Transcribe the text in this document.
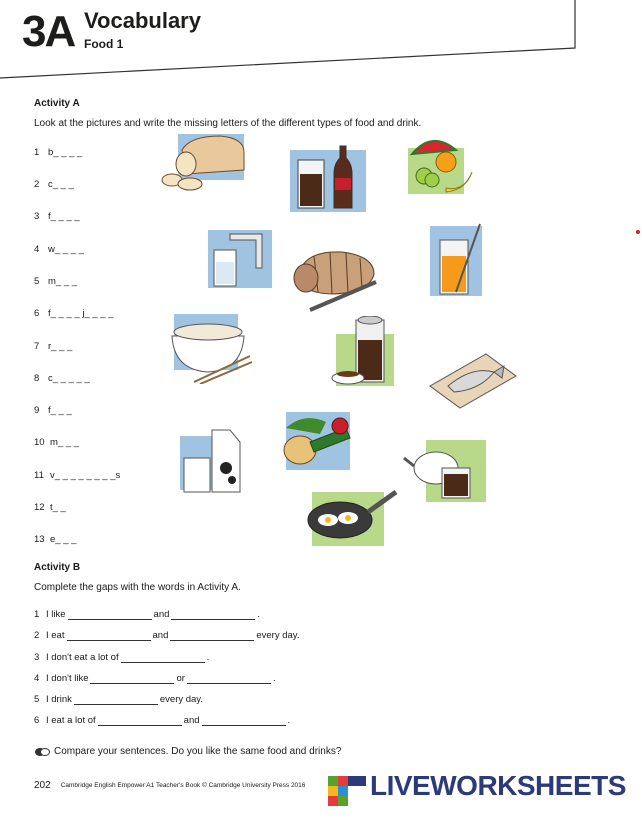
3A Vocabulary
Food 1
Activity A
Look at the pictures and write the missing letters of the different types of food and drink.
1 b_ _ _ _
2 c_ _ _
3 f_ _ _ _
4 w_ _ _ _
5 m_ _ _
6 f_ _ _ _ j_ _ _ _
7 r_ _ _
8 c_ _ _ _ _
9 f_ _ _
10 m_ _ _
11 v_ _ _ _ _ _ _ _s
12 t_ _
13 e_ _ _
Activity B
Complete the gaps with the words in Activity A.
1 I like	and	.
2 I eat	and	every day.
3 I don't eat a lot of	.
4 I don't like	or	.
5 I drink	every day.
6 I eat a lot of	and	.
Compare your sentences. Do you like the same food and drinks?
202 Cambridge English Empower A1 Teacher's Book © Cambridge University Press 2016 LIVEWORKSHEETS
